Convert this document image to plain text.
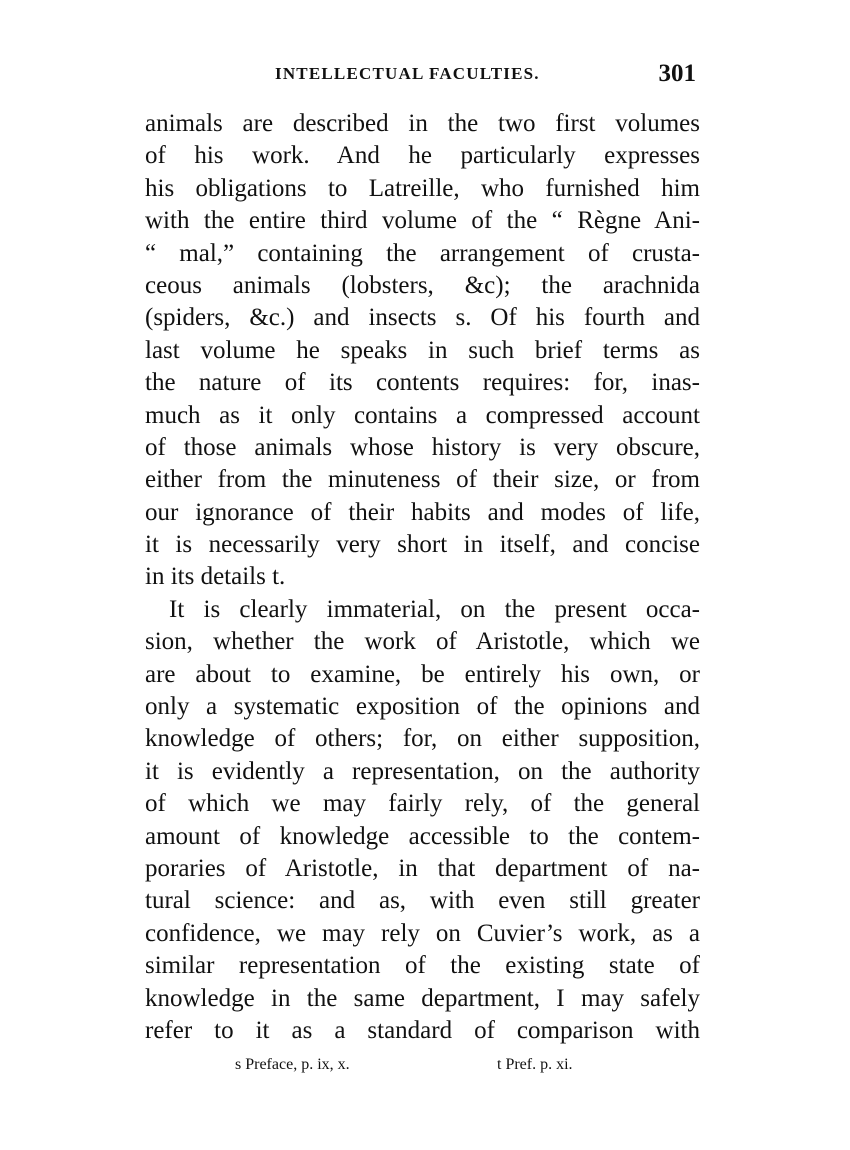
INTELLECTUAL FACULTIES.	301
animals are described in the two first volumes
of his work. And he particularly expresses
his obligations to Latreille, who furnished him
with the entire third volume of the “ Règne Ani-
“ mal,” containing the arrangement of crusta-
ceous animals (lobsters, &c); the arachnida
(spiders, &c.) and insects s. Of his fourth and
last volume he speaks in such brief terms as
the nature of its contents requires: for, inas-
much as it only contains a compressed account
of those animals whose history is very obscure,
either from the minuteness of their size, or from
our ignorance of their habits and modes of life,
it is necessarily very short in itself, and concise
in its details t.
It is clearly immaterial, on the present occa-
sion, whether the work of Aristotle, which we
are about to examine, be entirely his own, or
only a systematic exposition of the opinions and
knowledge of others; for, on either supposition,
it is evidently a representation, on the authority
of which we may fairly rely, of the general
amount of knowledge accessible to the contem-
poraries of Aristotle, in that department of na-
tural science: and as, with even still greater
confidence, we may rely on Cuvier’s work, as a
similar representation of the existing state of
knowledge in the same department, I may safely
refer to it as a standard of comparison with
s Preface, p. ix, x.	t Pref. p. xi.
